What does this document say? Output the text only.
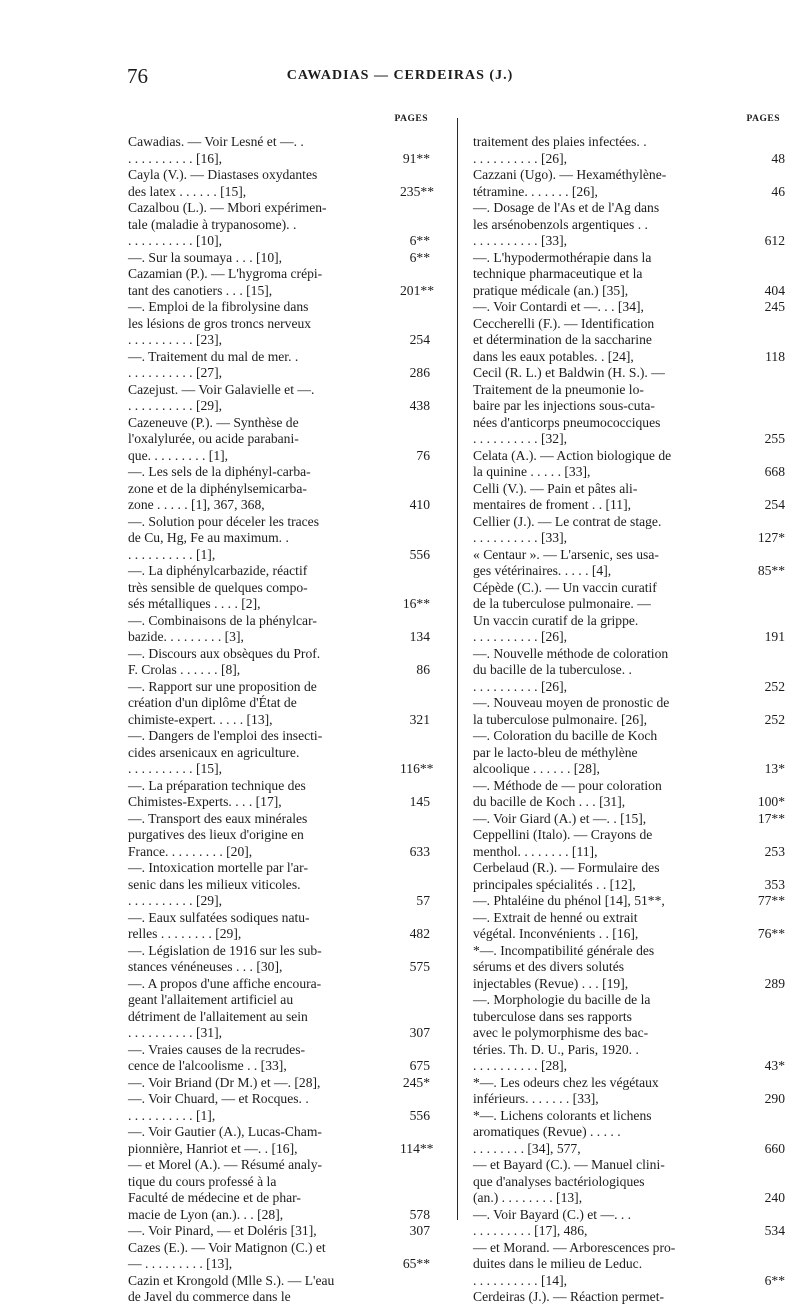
76	CAWADIAS — CERDEIRAS (J.)
PAGES
Cawadias. — Voir Lesné et —. .
. . . . . . . . . . [16],	91**
Cayla (V.). — Diastases oxydantes
des latex . . . . . . [15],	235**
Cazalbou (L.). — Mbori expérimen-
tale (maladie à trypanosome). .
. . . . . . . . . . [10],	6**
—. Sur la soumaya . . . [10],	6**
Cazamian (P.). — L'hygroma crépi-
tant des canotiers . . . [15],	201**
—. Emploi de la fibrolysine dans
les lésions de gros troncs nerveux
. . . . . . . . . . [23],	254
—. Traitement du mal de mer. .
. . . . . . . . . . [27],	286
Cazejust. — Voir Galavielle et —.
. . . . . . . . . . [29],	438
Cazeneuve (P.). — Synthèse de
l'oxalylurée, ou acide parabani-
que. . . . . . . . . [1],	76
—. Les sels de la diphényl-carba-
zone et de la diphénylsemicarba-
zone . . . . . [1], 367, 368,	410
—. Solution pour déceler les traces
de Cu, Hg, Fe au maximum. .
. . . . . . . . . . [1],	556
—. La diphénylcarbazide, réactif
très sensible de quelques compo-
sés métalliques . . . . [2],	16**
—. Combinaisons de la phénylcar-
bazide. . . . . . . . . [3],	134
—. Discours aux obsèques du Prof.
F. Crolas . . . . . . [8],	86
—. Rapport sur une proposition de
création d'un diplôme d'État de
chimiste-expert. . . . . [13],	321
—. Dangers de l'emploi des insecti-
cides arsenicaux en agriculture.
. . . . . . . . . . [15],	116**
—. La préparation technique des
Chimistes-Experts. . . . [17],	145
—. Transport des eaux minérales
purgatives des lieux d'origine en
France. . . . . . . . . [20],	633
—. Intoxication mortelle par l'ar-
senic dans les milieux viticoles.
. . . . . . . . . . [29],	57
—. Eaux sulfatées sodiques natu-
relles . . . . . . . . [29],	482
—. Législation de 1916 sur les sub-
stances vénéneuses . . . [30],	575
—. A propos d'une affiche encoura-
geant l'allaitement artificiel au
détriment de l'allaitement au sein
. . . . . . . . . . [31],	307
—. Vraies causes de la recrudes-
cence de l'alcoolisme . . [33],	675
—. Voir Briand (Dr M.) et —. [28],	245*
—. Voir Chuard, — et Rocques. .
. . . . . . . . . . [1],	556
—. Voir Gautier (A.), Lucas-Cham-
pionnière, Hanriot et —. . [16],	114**
— et Morel (A.). — Résumé analy-
tique du cours professé à la
Faculté de médecine et de phar-
macie de Lyon (an.). . . [28],	578
—. Voir Pinard, — et Doléris [31],	307
Cazes (E.). — Voir Matignon (C.) et
— . . . . . . . . . [13],	65**
Cazin et Krongold (Mlle S.). — L'eau
de Javel du commerce dans le
PAGES
traitement des plaies infectées. .
. . . . . . . . . . [26],	48
Cazzani (Ugo). — Hexaméthylène-
tétramine. . . . . . . [26],	46
—. Dosage de l'As et de l'Ag dans
les arsénobenzols argentiques . .
. . . . . . . . . . [33],	612
—. L'hypodermothérapie dans la
technique pharmaceutique et la
pratique médicale (an.) [35],	404
—. Voir Contardi et —. . . [34],	245
Ceccherelli (F.). — Identification
et détermination de la saccharine
dans les eaux potables. . [24],	118
Cecil (R. L.) et Baldwin (H. S.). —
Traitement de la pneumonie lo-
baire par les injections sous-cuta-
nées d'anticorps pneumococciques
. . . . . . . . . . [32],	255
Celata (A.). — Action biologique de
la quinine . . . . . [33],	668
Celli (V.). — Pain et pâtes ali-
mentaires de froment . . [11],	254
Cellier (J.). — Le contrat de stage.
. . . . . . . . . . [33],	127*
« Centaur ». — L'arsenic, ses usa-
ges vétérinaires. . . . . [4],	85**
Cépède (C.). — Un vaccin curatif
de la tuberculose pulmonaire. —
Un vaccin curatif de la grippe.
. . . . . . . . . . [26],	191
—. Nouvelle méthode de coloration
du bacille de la tuberculose. .
. . . . . . . . . . [26],	252
—. Nouveau moyen de pronostic de
la tuberculose pulmonaire. [26],	252
—. Coloration du bacille de Koch
par le lacto-bleu de méthylène
alcoolique . . . . . . [28],	13*
—. Méthode de — pour coloration
du bacille de Koch . . . [31],	100*
—. Voir Giard (A.) et —. . [15],	17**
Ceppellini (Italo). — Crayons de
menthol. . . . . . . . [11],	253
Cerbelaud (R.). — Formulaire des
principales spécialités . . [12],	353
—. Phtaléine du phénol [14], 51**,	77**
—. Extrait de henné ou extrait
végétal. Inconvénients . . [16],	76**
*—. Incompatibilité générale des
sérums et des divers solutés
injectables (Revue) . . . [19],	289
—. Morphologie du bacille de la
tuberculose dans ses rapports
avec le polymorphisme des bac-
téries. Th. D. U., Paris, 1920. .
. . . . . . . . . . [28],	43*
*—. Les odeurs chez les végétaux
inférieurs. . . . . . . [33],	290
*—. Lichens colorants et lichens
aromatiques (Revue) . . . . .
. . . . . . . . [34], 577,	660
— et Bayard (C.). — Manuel clini-
que d'analyses bactériologiques
(an.) . . . . . . . . [13],	240
—. Voir Bayard (C.) et —. . .
. . . . . . . . . [17], 486,	534
— et Morand. — Arborescences pro-
duites dans le milieu de Leduc.
. . . . . . . . . . [14],	6**
Cerdeiras (J.). — Réaction permet-
